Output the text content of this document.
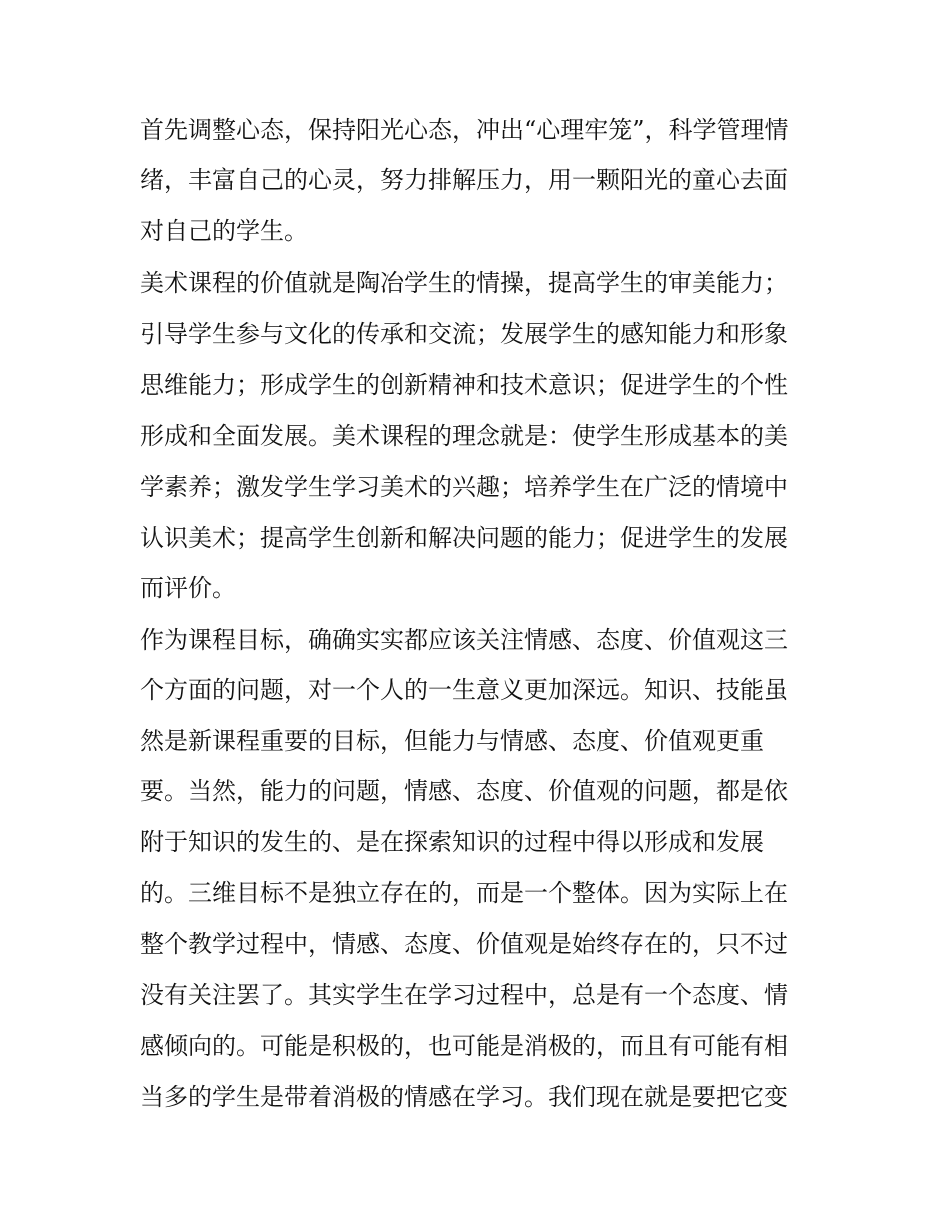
首先调整心态，保持阳光心态，冲出“心理牢笼”，科学管理情
绪，丰富自己的心灵，努力排解压力，用一颗阳光的童心去面
对自己的学生。
美术课程的价值就是陶冶学生的情操，提高学生的审美能力；
引导学生参与文化的传承和交流；发展学生的感知能力和形象
思维能力；形成学生的创新精神和技术意识；促进学生的个性
形成和全面发展。美术课程的理念就是：使学生形成基本的美
学素养；激发学生学习美术的兴趣；培养学生在广泛的情境中
认识美术；提高学生创新和解决问题的能力；促进学生的发展
而评价。
作为课程目标，确确实实都应该关注情感、态度、价值观这三
个方面的问题，对一个人的一生意义更加深远。知识、技能虽
然是新课程重要的目标，但能力与情感、态度、价值观更重
要。当然，能力的问题，情感、态度、价值观的问题，都是依
附于知识的发生的、是在探索知识的过程中得以形成和发展
的。三维目标不是独立存在的，而是一个整体。因为实际上在
整个教学过程中，情感、态度、价值观是始终存在的，只不过
没有关注罢了。其实学生在学习过程中，总是有一个态度、情
感倾向的。可能是积极的，也可能是消极的，而且有可能有相
当多的学生是带着消极的情感在学习。我们现在就是要把它变
